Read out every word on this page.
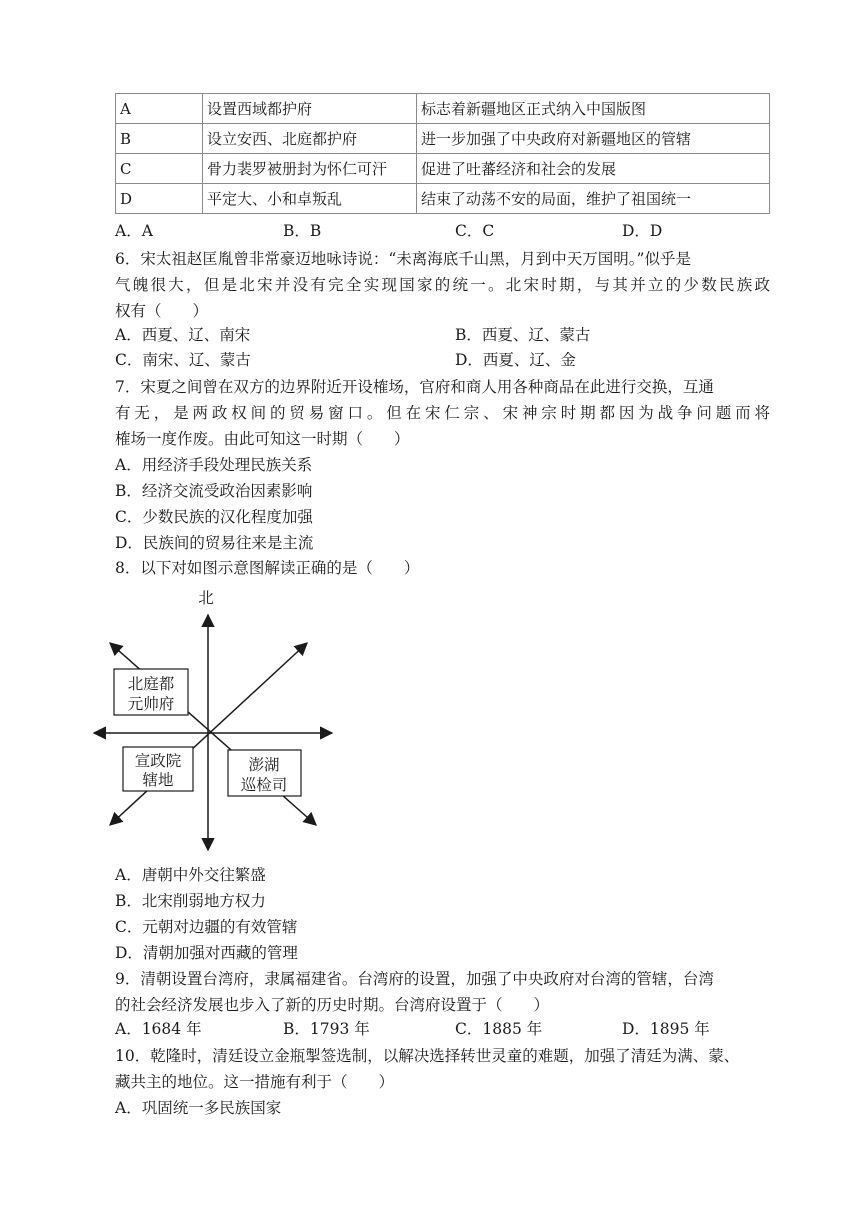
A	设置西域都护府	标志着新疆地区正式纳入中国版图
B	设立安西、北庭都护府	进一步加强了中央政府对新疆地区的管辖
C	骨力裴罗被册封为怀仁可汗	促进了吐蕃经济和社会的发展
D	平定大、小和卓叛乱	结束了动荡不安的局面，维护了祖国统一
A．A	B．B	C．C	D．D
6．宋太祖赵匡胤曾非常豪迈地咏诗说：“未离海底千山黑，月到中天万国明。”似乎是
气魄很大，但是北宋并没有完全实现国家的统一。北宋时期，与其并立的少数民族政
权有（　　）
A．西夏、辽、南宋	B．西夏、辽、蒙古
C．南宋、辽、蒙古	D．西夏、辽、金
7．宋夏之间曾在双方的边界附近开设榷场，官府和商人用各种商品在此进行交换，互通
有无，是两政权间的贸易窗口。但在宋仁宗、宋神宗时期都因为战争问题而将
榷场一度作废。由此可知这一时期（　　）
A．用经济手段处理民族关系
B．经济交流受政治因素影响
C．少数民族的汉化程度加强
D．民族间的贸易往来是主流
8．以下对如图示意图解读正确的是（　　）
北
北庭都
元帅府
宣政院
辖地
澎湖
巡检司
A．唐朝中外交往繁盛
B．北宋削弱地方权力
C．元朝对边疆的有效管辖
D．清朝加强对西藏的管理
9．清朝设置台湾府，隶属福建省。台湾府的设置，加强了中央政府对台湾的管辖，台湾
的社会经济发展也步入了新的历史时期。台湾府设置于（　　）
A．1684 年	B．1793 年	C．1885 年	D．1895 年
10．乾隆时，清廷设立金瓶掣签选制，以解决选择转世灵童的难题，加强了清廷为满、蒙、
藏共主的地位。这一措施有利于（　　）
A．巩固统一多民族国家
